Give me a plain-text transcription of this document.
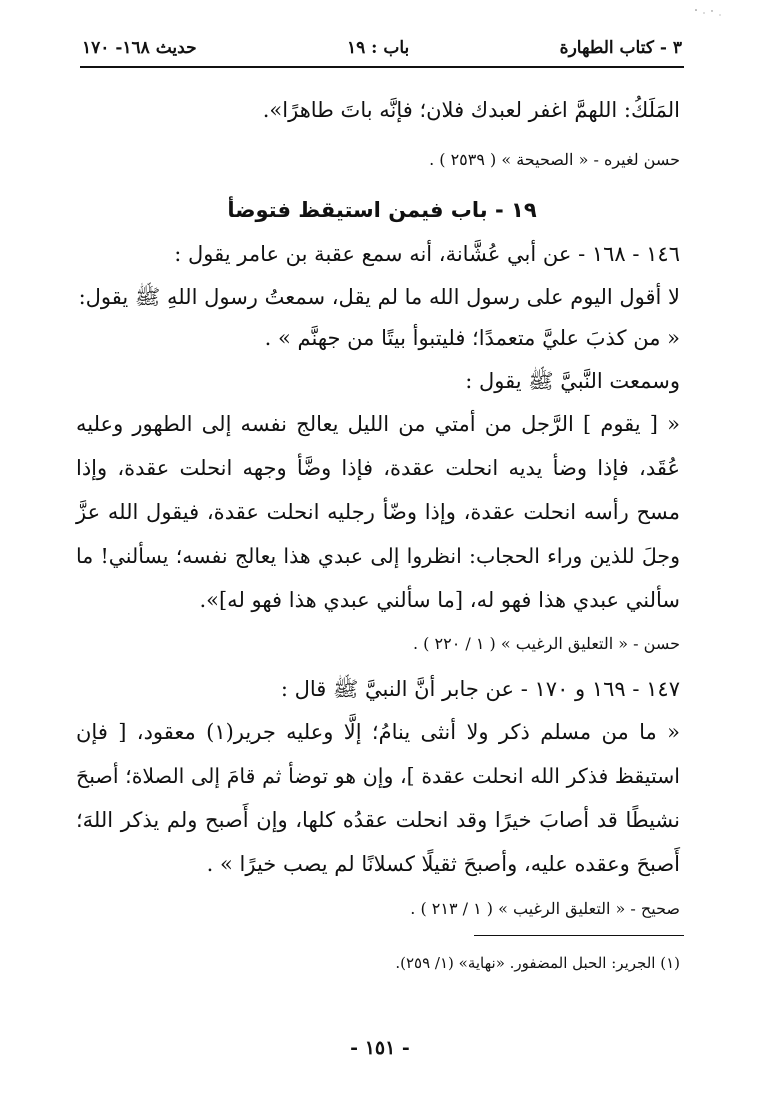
٣ - كتاب الطهارة
باب : ١٩
حديث ١٦٨- ١٧٠
المَلَكُ: اللهمَّ اغفر لعبدك فلان؛ فإنَّه باتَ طاهرًا».
حسن لغيره - « الصحيحة » ( ٢٥٣٩ ) .
١٩ - باب فيمن استيقظ فتوضأ
١٤٦ - ١٦٨ - عن أبي عُشَّانة، أنه سمع عقبة بن عامر يقول :
لا أقول اليوم على رسول الله ما لم يقل، سمعتُ رسول اللهِ ﷺ يقول:
« من كذبَ عليَّ متعمدًا؛ فليتبوأ بيتًا من جهنَّم » .
وسمعت النَّبيَّ ﷺ يقول :
« [ يقوم ] الرَّجل من أمتي من الليل يعالج نفسه إلى الطهور وعليه
عُقَد، فإذا وضأ يديه انحلت عقدة، فإذا وضَّأ وجهه انحلت عقدة، وإذا
مسح رأسه انحلت عقدة، وإذا وضّأ رجليه انحلت عقدة، فيقول الله عزَّ
وجلَ للذين وراء الحجاب: انظروا إلى عبدي هذا يعالج نفسه؛ يسألني! ما
سألني عبدي هذا فهو له، [ما سألني عبدي هذا فهو له]».
حسن - « التعليق الرغيب » ( ١ / ٢٢٠ ) .
١٤٧ - ١٦٩ و ١٧٠ - عن جابر أنَّ النبيَّ ﷺ قال :
« ما من مسلم ذكر ولا أنثى ينامُ؛ إلَّا وعليه جرير(١) معقود، [ فإن
استيقظ فذكر الله انحلت عقدة ]، وإن هو توضأ ثم قامَ إلى الصلاة؛ أصبحَ
نشيطًا قد أصابَ خيرًا وقد انحلت عقدُه كلها، وإن أَصبح ولم يذكر اللهَ؛
أَصبحَ وعقده عليه، وأصبحَ ثقيلًا كسلانًا لم يصب خيرًا » .
صحيح - « التعليق الرغيب » ( ١ / ٢١٣ ) .
(١) الجرير: الحبل المضفور. «نهاية» (١/ ٢٥٩).
- ١٥١ -
